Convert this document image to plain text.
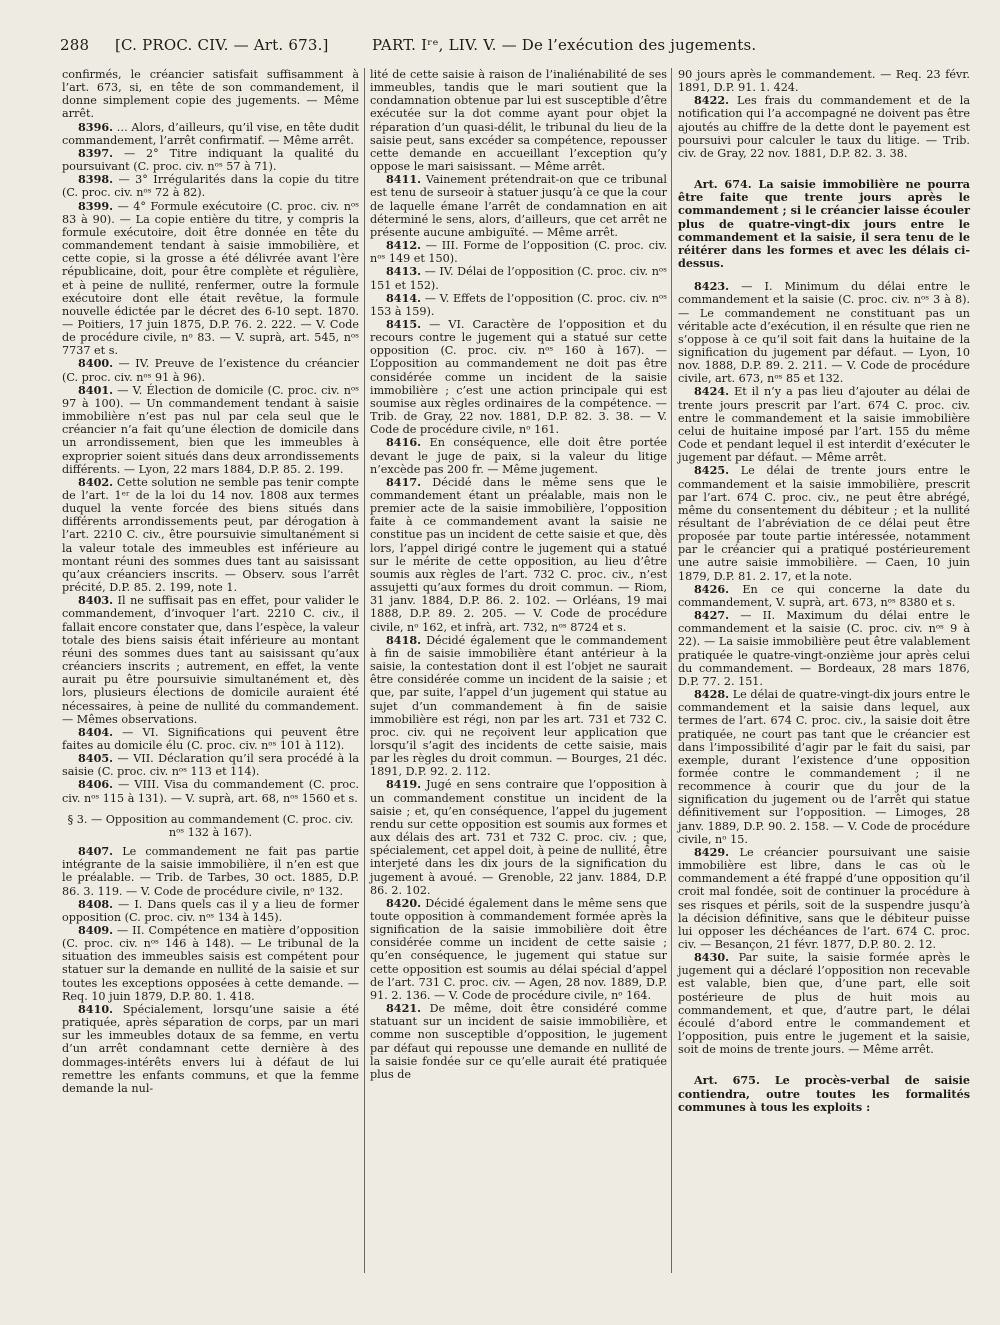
288 [C. PROC. CIV. — Art. 673.]	PART. Iʳᵉ, LIV. V. — De l’exécution des jugements.

confirmés, le créancier satisfait suffisamment à l’art. 673, si, en tête de son commandement, il donne simplement copie des jugements. — Même arrêt.

8396. … Alors, d’ailleurs, qu’il vise, en tête dudit commandement, l’arrêt confirmatif. — Même arrêt.

8397. — 2° Titre indiquant la qualité du poursuivant (C. proc. civ. nᵒˢ 57 à 71).

8398. — 3° Irrégularités dans la copie du titre (C. proc. civ. nᵒˢ 72 à 82).

8399. — 4° Formule exécutoire (C. proc. civ. nᵒˢ 83 à 90). — La copie entière du titre, y compris la formule exécutoire, doit être donnée en tête du commandement tendant à saisie immobilière, et cette copie, si la grosse a été délivrée avant l’ère républicaine, doit, pour être complète et régulière, et à peine de nullité, renfermer, outre la formule exécutoire dont elle était revêtue, la formule nouvelle édictée par le décret des 6-10 sept. 1870. — Poitiers, 17 juin 1875, D.P. 76. 2. 222. — V. Code de procédure civile, nᵒ 83. — V. suprà, art. 545, nᵒˢ 7737 et s.

8400. — IV. Preuve de l’existence du créancier (C. proc. civ. nᵒˢ 91 à 96).

8401. — V. Élection de domicile (C. proc. civ. nᵒˢ 97 à 100). — Un commandement tendant à saisie immobilière n’est pas nul par cela seul que le créancier n’a fait qu’une élection de domicile dans un arrondissement, bien que les immeubles à exproprier soient situés dans deux arrondissements différents. — Lyon, 22 mars 1884, D.P. 85. 2. 199.

8402. Cette solution ne semble pas tenir compte de l’art. 1ᵉʳ de la loi du 14 nov. 1808 aux termes duquel la vente forcée des biens situés dans différents arrondissements peut, par dérogation à l’art. 2210 C. civ., être poursuivie simultanément si la valeur totale des immeubles est inférieure au montant réuni des sommes dues tant au saisissant qu’aux créanciers inscrits. — Observ. sous l’arrêt précité, D.P. 85. 2. 199, note 1.

8403. Il ne suffisait pas en effet, pour valider le commandement, d’invoquer l’art. 2210 C. civ., il fallait encore constater que, dans l’espèce, la valeur totale des biens saisis était inférieure au montant réuni des sommes dues tant au saisissant qu’aux créanciers inscrits ; autrement, en effet, la vente aurait pu être poursuivie simultanément et, dès lors, plusieurs élections de domicile auraient été nécessaires, à peine de nullité du commandement. — Mêmes observations.

8404. — VI. Significations qui peuvent être faites au domicile élu (C. proc. civ. nᵒˢ 101 à 112).

8405. — VII. Déclaration qu’il sera procédé à la saisie (C. proc. civ. nᵒˢ 113 et 114).

8406. — VIII. Visa du commandement (C. proc. civ. nᵒˢ 115 à 131). — V. suprà, art. 68, nᵒˢ 1560 et s.

§ 3. — Opposition au commandement (C. proc. civ. nᵒˢ 132 à 167).

8407. Le commandement ne fait pas partie intégrante de la saisie immobilière, il n’en est que le préalable. — Trib. de Tarbes, 30 oct. 1885, D.P. 86. 3. 119. — V. Code de procédure civile, nᵒ 132.

8408. — I. Dans quels cas il y a lieu de former opposition (C. proc. civ. nᵒˢ 134 à 145).

8409. — II. Compétence en matière d’opposition (C. proc. civ. nᵒˢ 146 à 148). — Le tribunal de la situation des immeubles saisis est compétent pour statuer sur la demande en nullité de la saisie et sur toutes les exceptions opposées à cette demande. — Req. 10 juin 1879, D.P. 80. 1. 418.

8410. Spécialement, lorsqu’une saisie a été pratiquée, après séparation de corps, par un mari sur les immeubles dotaux de sa femme, en vertu d’un arrêt condamnant cette dernière à des dommages-intérêts envers lui à défaut de lui remettre les enfants communs, et que la femme demande la nul-

lité de cette saisie à raison de l’inaliénabilité de ses immeubles, tandis que le mari soutient que la condamnation obtenue par lui est susceptible d’être exécutée sur la dot comme ayant pour objet la réparation d’un quasi-délit, le tribunal du lieu de la saisie peut, sans excéder sa compétence, repousser cette demande en accueillant l’exception qu’y oppose le mari saisissant. — Même arrêt.

8411. Vainement prétendrait-on que ce tribunal est tenu de surseoir à statuer jusqu’à ce que la cour de laquelle émane l’arrêt de condamnation en ait déterminé le sens, alors, d’ailleurs, que cet arrêt ne présente aucune ambiguïté. — Même arrêt.

8412. — III. Forme de l’opposition (C. proc. civ. nᵒˢ 149 et 150).

8413. — IV. Délai de l’opposition (C. proc. civ. nᵒˢ 151 et 152).

8414. — V. Effets de l’opposition (C. proc. civ. nᵒˢ 153 à 159).

8415. — VI. Caractère de l’opposition et du recours contre le jugement qui a statué sur cette opposition (C. proc. civ. nᵒˢ 160 à 167). — L’opposition au commandement ne doit pas être considérée comme un incident de la saisie immobilière ; c’est une action principale qui est soumise aux règles ordinaires de la compétence. — Trib. de Gray, 22 nov. 1881, D.P. 82. 3. 38. — V. Code de procédure civile, nᵒ 161.

8416. En conséquence, elle doit être portée devant le juge de paix, si la valeur du litige n’excède pas 200 fr. — Même jugement.

8417. Décidé dans le même sens que le commandement étant un préalable, mais non le premier acte de la saisie immobilière, l’opposition faite à ce commandement avant la saisie ne constitue pas un incident de cette saisie et que, dès lors, l’appel dirigé contre le jugement qui a statué sur le mérite de cette opposition, au lieu d’être soumis aux règles de l’art. 732 C. proc. civ., n’est assujetti qu’aux formes du droit commun. — Riom, 31 janv. 1884, D.P. 86. 2. 102. — Orléans, 19 mai 1888, D.P. 89. 2. 205. — V. Code de procédure civile, nᵒ 162, et infrà, art. 732, nᵒˢ 8724 et s.

8418. Décidé également que le commandement à fin de saisie immobilière étant antérieur à la saisie, la contestation dont il est l’objet ne saurait être considérée comme un incident de la saisie ; et que, par suite, l’appel d’un jugement qui statue au sujet d’un commandement à fin de saisie immobilière est régi, non par les art. 731 et 732 C. proc. civ. qui ne reçoivent leur application que lorsqu’il s’agit des incidents de cette saisie, mais par les règles du droit commun. — Bourges, 21 déc. 1891, D.P. 92. 2. 112.

8419. Jugé en sens contraire que l’opposition à un commandement constitue un incident de la saisie ; et, qu’en conséquence, l’appel du jugement rendu sur cette opposition est soumis aux formes et aux délais des art. 731 et 732 C. proc. civ. ; que, spécialement, cet appel doit, à peine de nullité, être interjeté dans les dix jours de la signification du jugement à avoué. — Grenoble, 22 janv. 1884, D.P. 86. 2. 102.

8420. Décidé également dans le même sens que toute opposition à commandement formée après la signification de la saisie immobilière doit être considérée comme un incident de cette saisie ; qu’en conséquence, le jugement qui statue sur cette opposition est soumis au délai spécial d’appel de l’art. 731 C. proc. civ. — Agen, 28 nov. 1889, D.P. 91. 2. 136. — V. Code de procédure civile, nᵒ 164.

8421. De même, doit être considéré comme statuant sur un incident de saisie immobilière, et comme non susceptible d’opposition, le jugement par défaut qui repousse une demande en nullité de la saisie fondée sur ce qu’elle aurait été pratiquée plus de

90 jours après le commandement. — Req. 23 févr. 1891, D.P. 91. 1. 424.

8422. Les frais du commandement et de la notification qui l’a accompagné ne doivent pas être ajoutés au chiffre de la dette dont le payement est poursuivi pour calculer le taux du litige. — Trib. civ. de Gray, 22 nov. 1881, D.P. 82. 3. 38.

Art. 674. La saisie immobilière ne pourra être faite que trente jours après le commandement ; si le créancier laisse écouler plus de quatre-vingt-dix jours entre le commandement et la saisie, il sera tenu de le réitérer dans les formes et avec les délais ci-dessus.

8423. — I. Minimum du délai entre le commandement et la saisie (C. proc. civ. nᵒˢ 3 à 8). — Le commandement ne constituant pas un véritable acte d’exécution, il en résulte que rien ne s’oppose à ce qu’il soit fait dans la huitaine de la signification du jugement par défaut. — Lyon, 10 nov. 1888, D.P. 89. 2. 211. — V. Code de procédure civile, art. 673, nᵒˢ 85 et 132.

8424. Et il n’y a pas lieu d’ajouter au délai de trente jours prescrit par l’art. 674 C. proc. civ. entre le commandement et la saisie immobilière celui de huitaine imposé par l’art. 155 du même Code et pendant lequel il est interdit d’exécuter le jugement par défaut. — Même arrêt.

8425. Le délai de trente jours entre le commandement et la saisie immobilière, prescrit par l’art. 674 C. proc. civ., ne peut être abrégé, même du consentement du débiteur ; et la nullité résultant de l’abréviation de ce délai peut être proposée par toute partie intéressée, notamment par le créancier qui a pratiqué postérieurement une autre saisie immobilière. — Caen, 10 juin 1879, D.P. 81. 2. 17, et la note.

8426. En ce qui concerne la date du commandement, V. suprà, art. 673, nᵒˢ 8380 et s.

8427. — II. Maximum du délai entre le commandement et la saisie (C. proc. civ. nᵒˢ 9 à 22). — La saisie immobilière peut être valablement pratiquée le quatre-vingt-onzième jour après celui du commandement. — Bordeaux, 28 mars 1876, D.P. 77. 2. 151.

8428. Le délai de quatre-vingt-dix jours entre le commandement et la saisie dans lequel, aux termes de l’art. 674 C. proc. civ., la saisie doit être pratiquée, ne court pas tant que le créancier est dans l’impossibilité d’agir par le fait du saisi, par exemple, durant l’existence d’une opposition formée contre le commandement ; il ne recommence à courir que du jour de la signification du jugement ou de l’arrêt qui statue définitivement sur l’opposition. — Limoges, 28 janv. 1889, D.P. 90. 2. 158. — V. Code de procédure civile, nᵒ 15.

8429. Le créancier poursuivant une saisie immobilière est libre, dans le cas où le commandement a été frappé d’une opposition qu’il croit mal fondée, soit de continuer la procédure à ses risques et périls, soit de la suspendre jusqu’à la décision définitive, sans que le débiteur puisse lui opposer les déchéances de l’art. 674 C. proc. civ. — Besançon, 21 févr. 1877, D.P. 80. 2. 12.

8430. Par suite, la saisie formée après le jugement qui a déclaré l’opposition non recevable est valable, bien que, d’une part, elle soit postérieure de plus de huit mois au commandement, et que, d’autre part, le délai écoulé d’abord entre le commandement et l’opposition, puis entre le jugement et la saisie, soit de moins de trente jours. — Même arrêt.

Art. 675. Le procès-verbal de saisie contiendra, outre toutes les formalités communes à tous les exploits :
